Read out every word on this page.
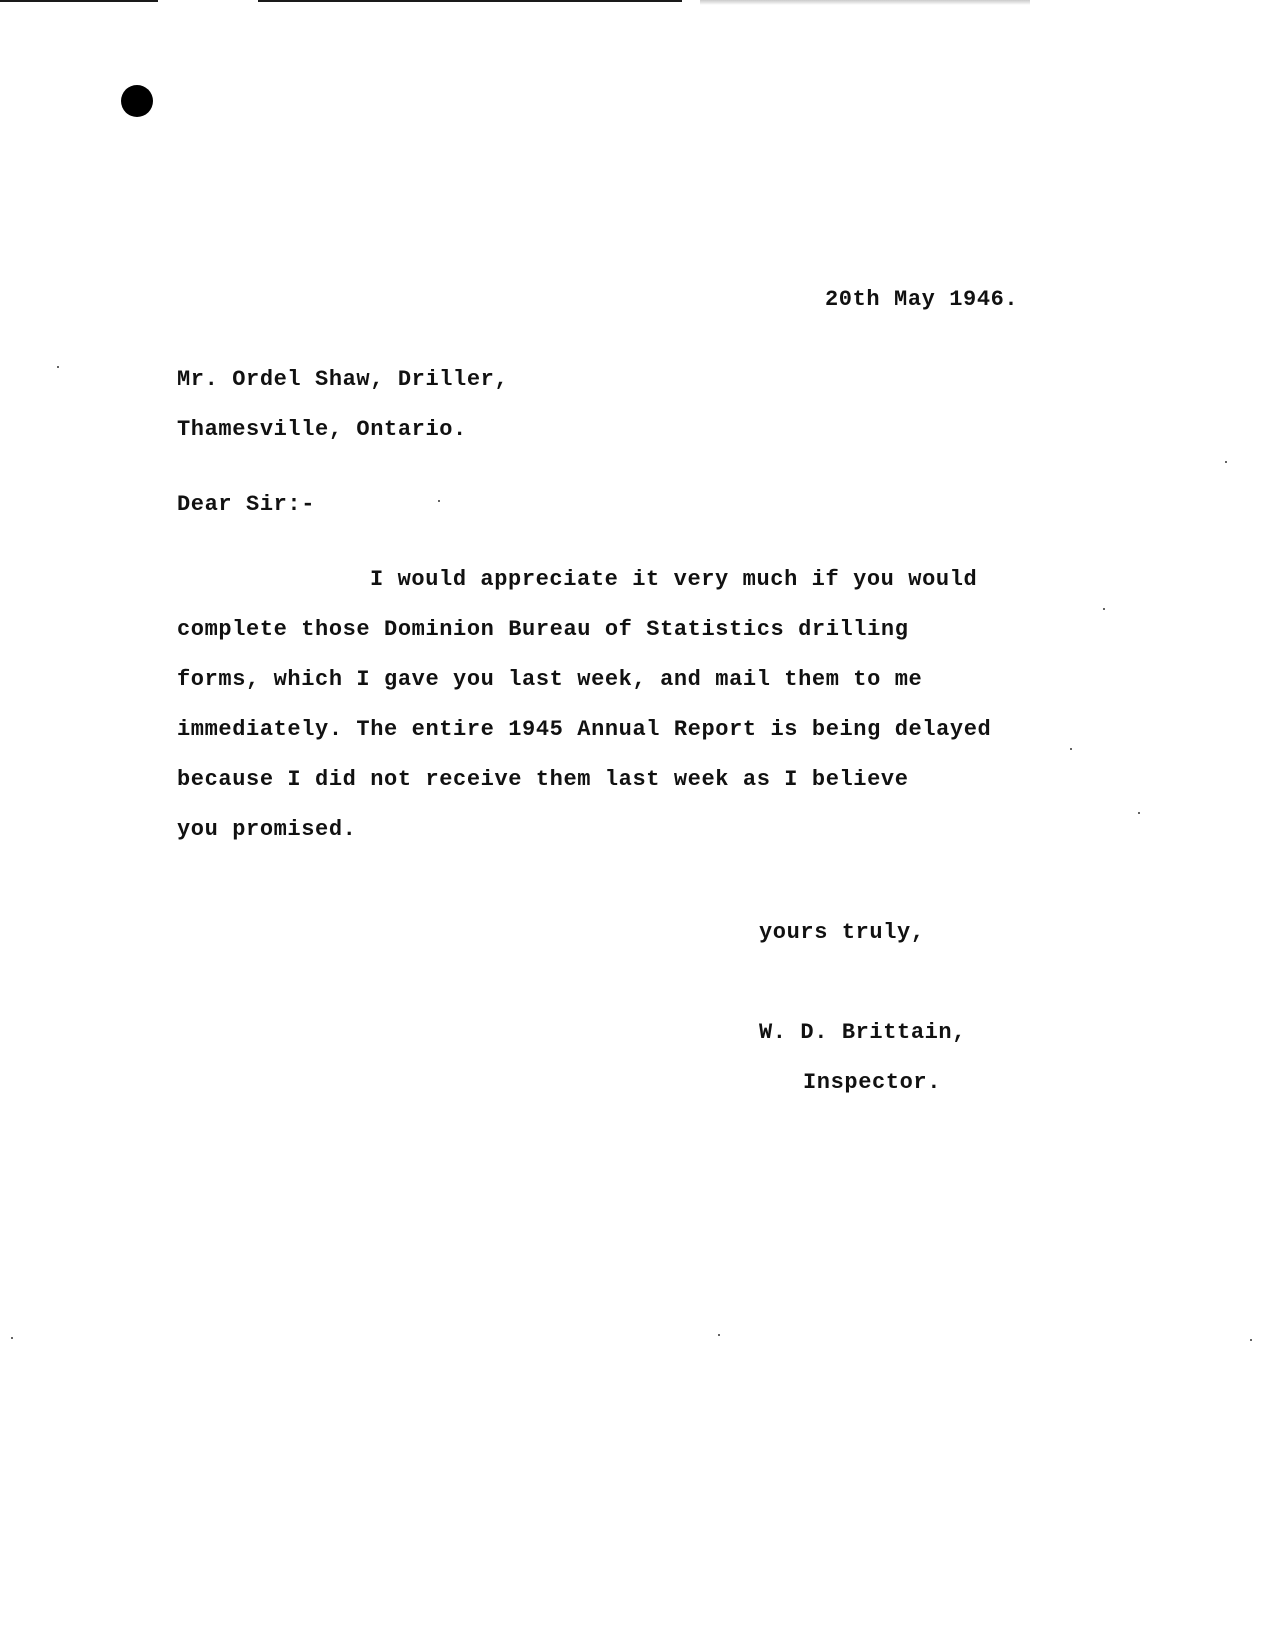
20th May 1946.
Mr. Ordel Shaw, Driller,
Thamesville, Ontario.
Dear Sir:-
I would appreciate it very much if you would
complete those Dominion Bureau of Statistics drilling
forms, which I gave you last week, and mail them to me
immediately. The entire 1945 Annual Report is being delayed
because I did not receive them last week as I believe
you promised.
yours truly,
W. D. Brittain,
Inspector.
